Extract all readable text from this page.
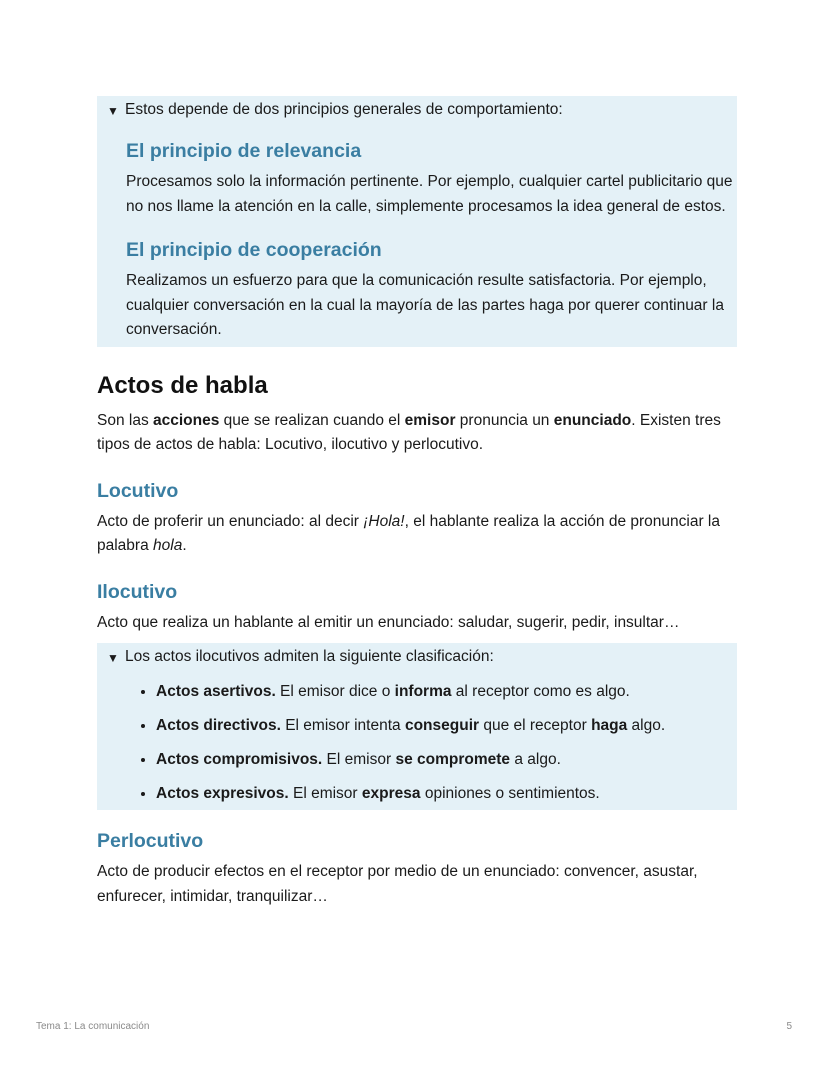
▼ Estos depende de dos principios generales de comportamiento:
El principio de relevancia

Procesamos solo la información pertinente. Por ejemplo, cualquier cartel publicitario que no nos llame la atención en la calle, simplemente procesamos la idea general de estos.

El principio de cooperación

Realizamos un esfuerzo para que la comunicación resulte satisfactoria. Por ejemplo, cualquier conversación en la cual la mayoría de las partes haga por querer continuar la conversación.

Actos de habla

Son las acciones que se realizan cuando el emisor pronuncia un enunciado. Existen tres tipos de actos de habla: Locutivo, ilocutivo y perlocutivo.

Locutivo

Acto de proferir un enunciado: al decir ¡Hola!, el hablante realiza la acción de pronunciar la palabra hola.

Ilocutivo

Acto que realiza un hablante al emitir un enunciado: saludar, sugerir, pedir, insultar…

▼ Los actos ilocutivos admiten la siguiente clasificación:
• Actos asertivos. El emisor dice o informa al receptor como es algo.
• Actos directivos. El emisor intenta conseguir que el receptor haga algo.
• Actos compromisivos. El emisor se compromete a algo.
• Actos expresivos. El emisor expresa opiniones o sentimientos.
Perlocutivo

Acto de producir efectos en el receptor por medio de un enunciado: convencer, asustar, enfurecer, intimidar, tranquilizar…

Tema 1: La comunicación	5
